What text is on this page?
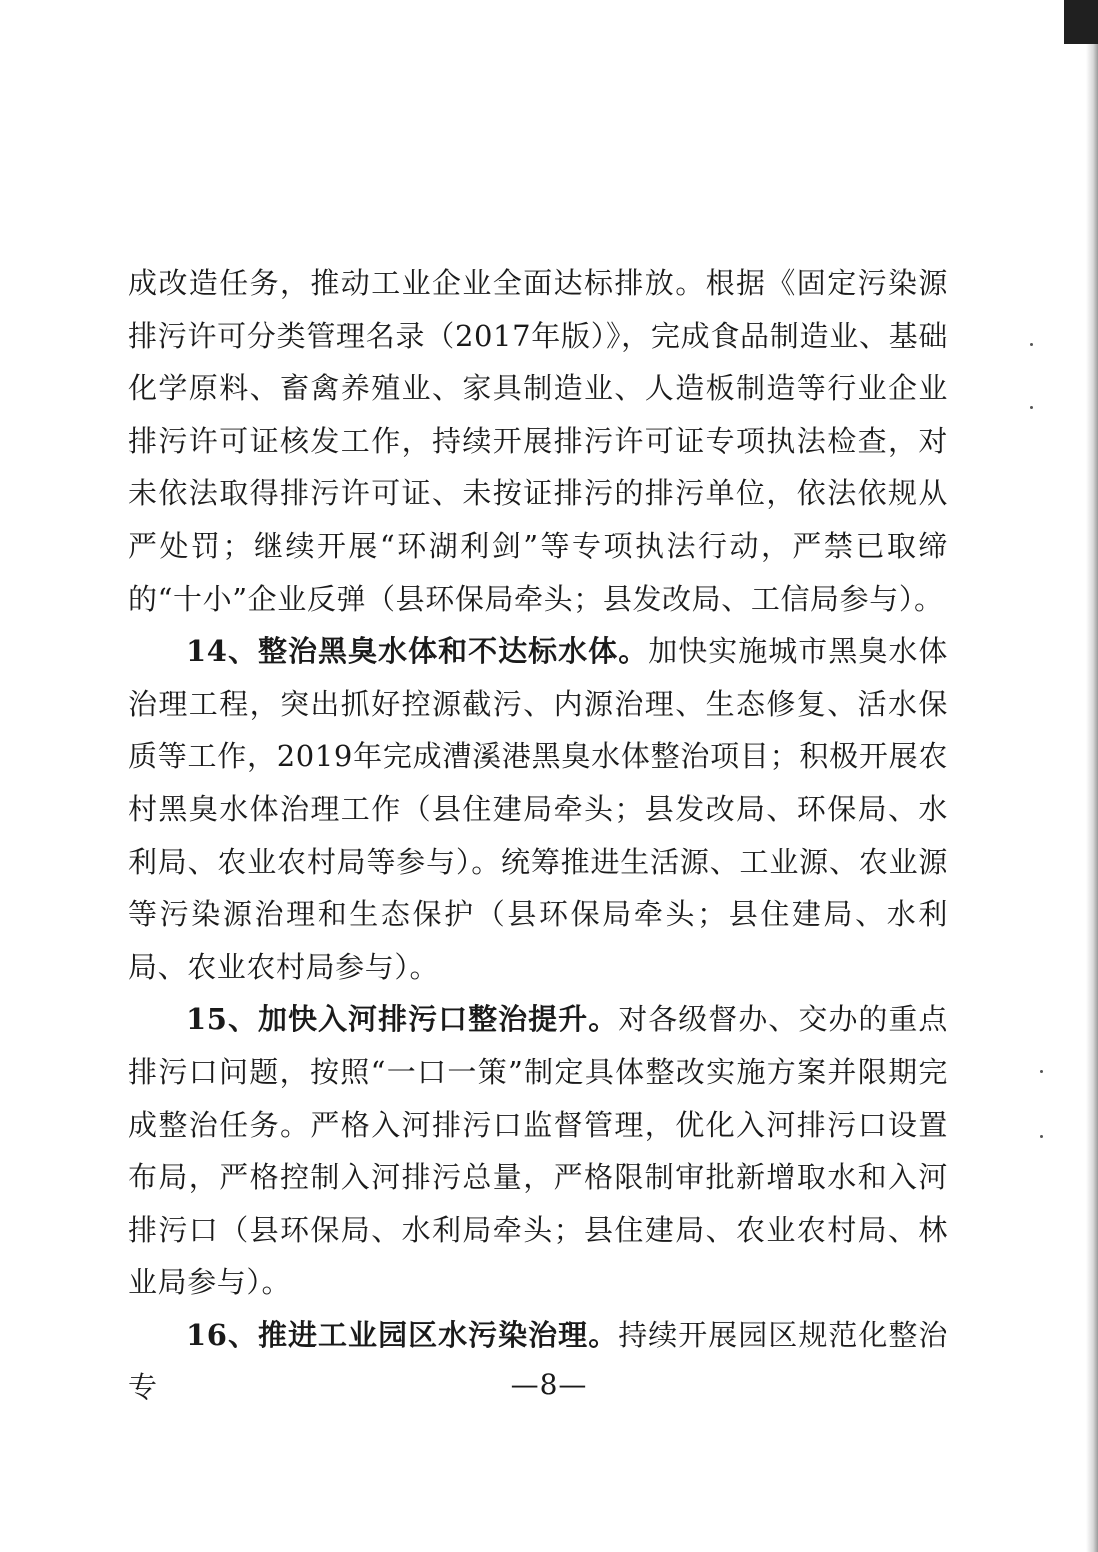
成改造任务，推动工业企业全面达标排放。根据《固定污染源排污许可分类管理名录（2017年版）》，完成食品制造业、基础化学原料、畜禽养殖业、家具制造业、人造板制造等行业企业排污许可证核发工作，持续开展排污许可证专项执法检查，对未依法取得排污许可证、未按证排污的排污单位，依法依规从严处罚；继续开展“环湖利剑”等专项执法行动，严禁已取缔的“十小”企业反弹（县环保局牵头；县发改局、工信局参与）。

14、整治黑臭水体和不达标水体。加快实施城市黑臭水体治理工程，突出抓好控源截污、内源治理、生态修复、活水保质等工作，2019年完成漕溪港黑臭水体整治项目；积极开展农村黑臭水体治理工作（县住建局牵头；县发改局、环保局、水利局、农业农村局等参与）。统筹推进生活源、工业源、农业源等污染源治理和生态保护（县环保局牵头；县住建局、水利局、农业农村局参与）。

15、加快入河排污口整治提升。对各级督办、交办的重点排污口问题，按照“一口一策”制定具体整改实施方案并限期完成整治任务。严格入河排污口监督管理，优化入河排污口设置布局，严格控制入河排污总量，严格限制审批新增取水和入河排污口（县环保局、水利局牵头；县住建局、农业农村局、林业局参与）。

16、推进工业园区水污染治理。持续开展园区规范化整治专	—8—
